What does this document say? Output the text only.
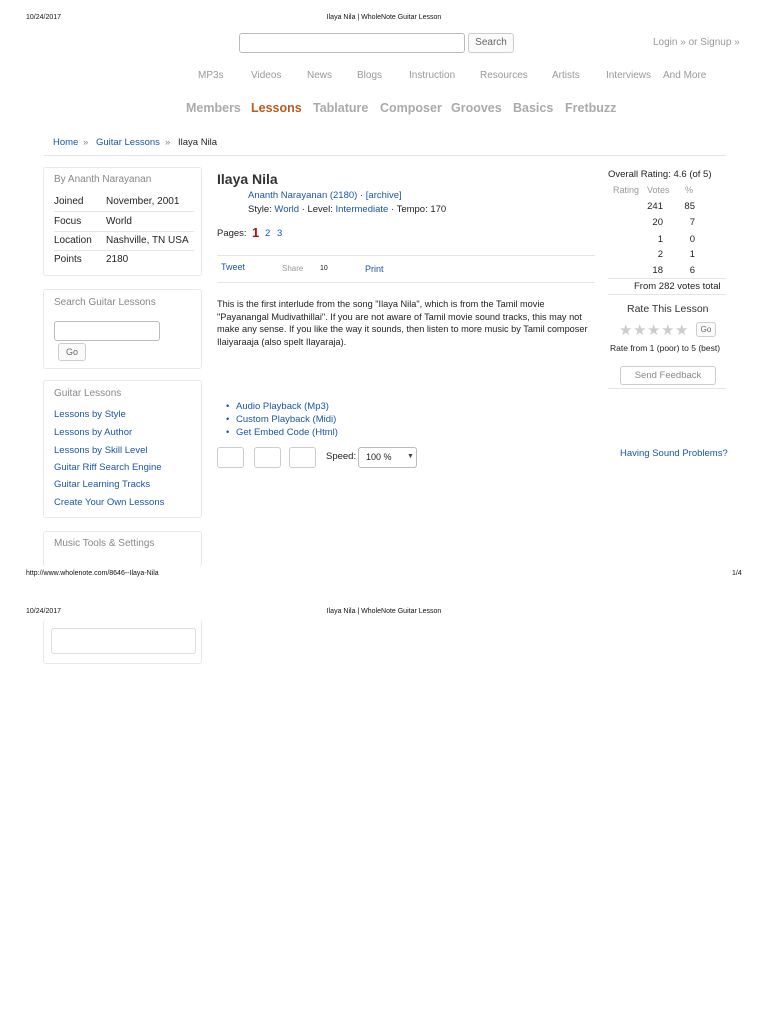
10/24/2017	Ilaya Nila | WholeNote Guitar Lesson
Search	Login » or Signup »
MP3s	Videos	News Blogs	Instruction Resources Artists	Interviews And More
Members Lessons Tablature Composer Grooves Basics Fretbuzz
Home » Guitar Lessons » Ilaya Nila
By Ananth Narayanan
Joined November, 2001
Focus World
Location Nashville, TN USA
Points 2180
Search Guitar Lessons
Go
Guitar Lessons
Lessons by Style
Lessons by Author
Lessons by Skill Level
Guitar Riff Search Engine
Guitar Learning Tracks
Create Your Own Lessons
Music Tools & Settings
Ilaya Nila
Ananth Narayanan (2180) · [archive]
Style: World · Level: Intermediate · Tempo: 170
Pages: 1 2 3
Tweet	Share 10	Print

This is the first interlude from the song "Ilaya Nila", which is from the Tamil movie "Payanangal Mudivathillai". If you are not aware of Tamil movie sound tracks, this may not make any sense. If you like the way it sounds, then listen to more music by Tamil composer Ilaiyaraaja (also spelt Ilayaraja).

• Audio Playback (Mp3)
• Custom Playback (Midi)
• Get Embed Code (Html)
Speed: 100 % ▼	Having Sound Problems?
Overall Rating: 4.6 (of 5)
Rating Votes %
241	85
20	7
1	0
2	1
18	6
From 282 votes total
Rate This Lesson
★ ★ ★ ★ ★	Go
Rate from 1 (poor) to 5 (best)
Send Feedback
http://www.wholenote.com/8646--Ilaya-Nila	1/4
10/24/2017	Ilaya Nila | WholeNote Guitar Lesson
